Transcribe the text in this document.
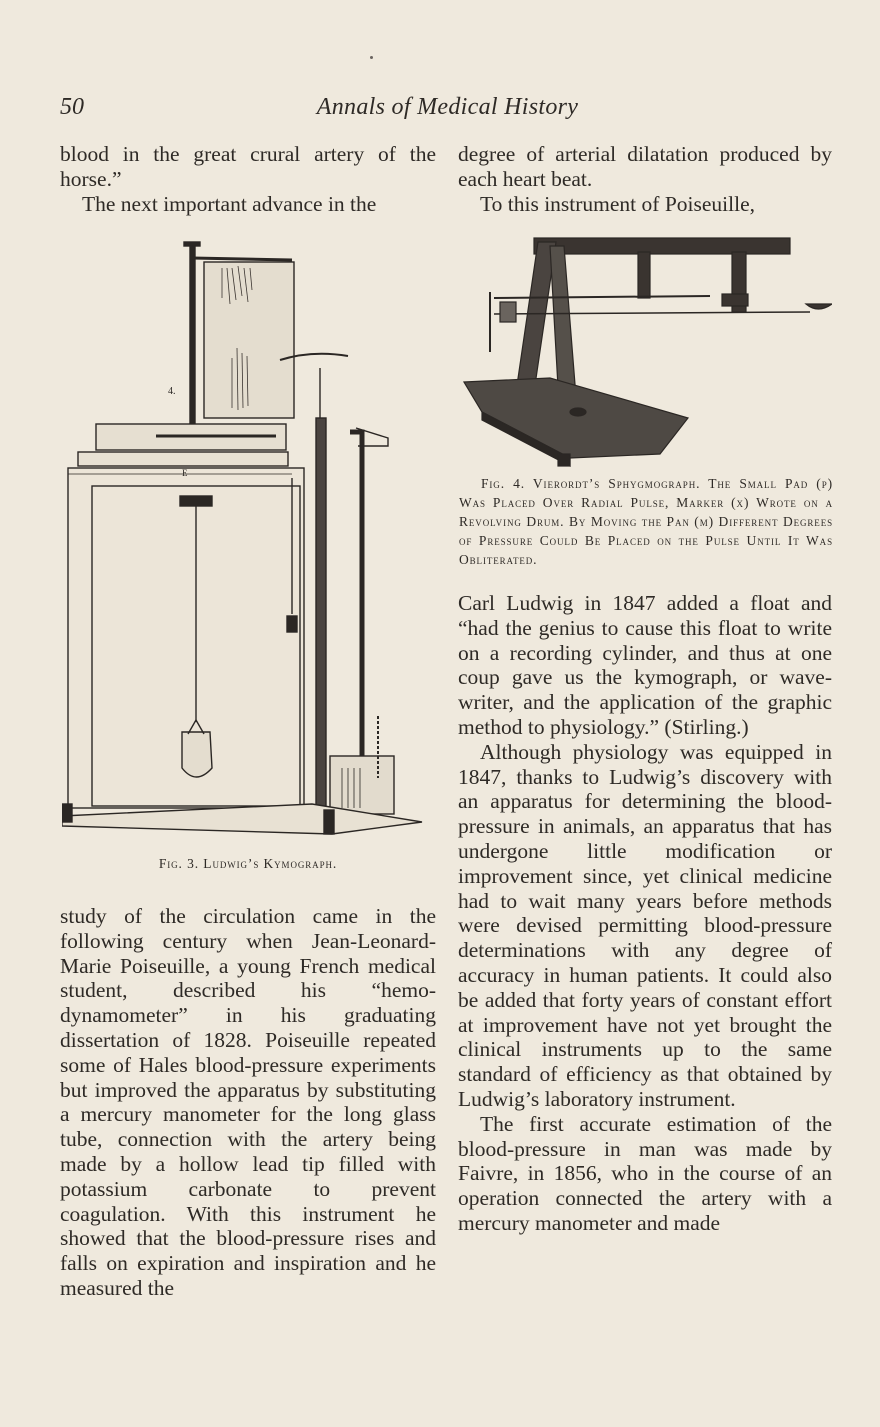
50	Annals of Medical History

blood in the great crural artery of the horse.”

The next important advance in the

4.
E
Fig. 3. Ludwig’s Kymograph.

study of the circulation came in the following century when Jean-Leonard-Marie Poiseuille, a young French medical student, described his “hemo-dynamometer” in his graduating dissertation of 1828. Poiseuille repeated some of Hales blood-pressure experiments but improved the apparatus by substituting a mercury manometer for the long glass tube, connection with the artery being made by a hollow lead tip filled with potassium carbonate to prevent coagulation. With this instrument he showed that the blood-pressure rises and falls on expiration and inspiration and he measured the

degree of arterial dilatation produced by each heart beat.

To this instrument of Poiseuille,

Fig. 4. Vierordt’s Sphygmograph. The Small Pad (p) Was Placed Over Radial Pulse, Marker (x) Wrote on a Revolving Drum. By Moving the Pan (m) Different Degrees of Pressure Could Be Placed on the Pulse Until It Was Obliterated.

Carl Ludwig in 1847 added a float and “had the genius to cause this float to write on a recording cylinder, and thus at one coup gave us the kymograph, or wave-writer, and the application of the graphic method to physiology.” (Stirling.)

Although physiology was equipped in 1847, thanks to Ludwig’s discovery with an apparatus for determining the blood-pressure in animals, an apparatus that has undergone little modification or improvement since, yet clinical medicine had to wait many years before methods were devised permitting blood-pressure determinations with any degree of accuracy in human patients. It could also be added that forty years of constant effort at improvement have not yet brought the clinical instruments up to the same standard of efficiency as that obtained by Ludwig’s laboratory instrument.

The first accurate estimation of the blood-pressure in man was made by Faivre, in 1856, who in the course of an operation connected the artery with a mercury manometer and made
